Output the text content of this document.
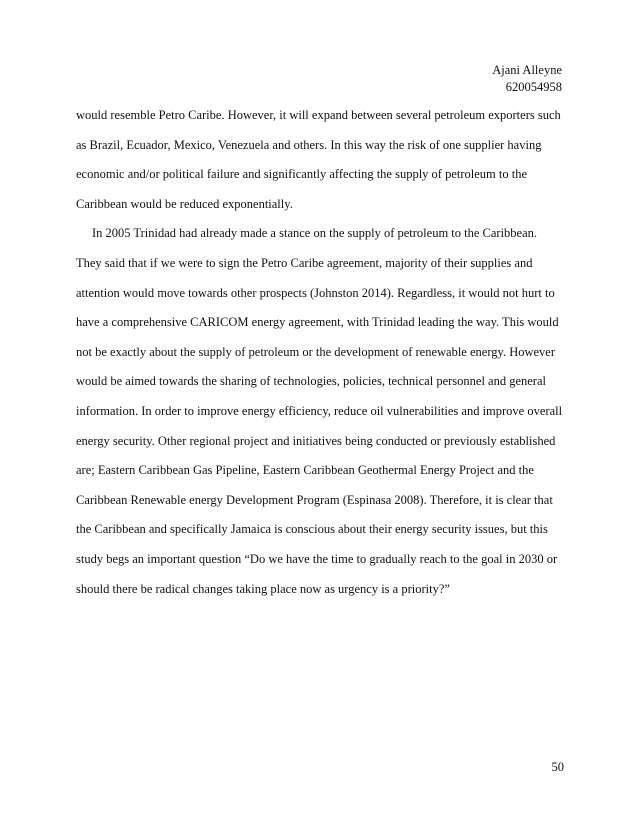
Ajani Alleyne
620054958
would resemble Petro Caribe. However, it will expand between several petroleum exporters such
as Brazil, Ecuador, Mexico, Venezuela and others. In this way the risk of one supplier having
economic and/or political failure and significantly affecting the supply of petroleum to the
Caribbean would be reduced exponentially.
In 2005 Trinidad had already made a stance on the supply of petroleum to the Caribbean.
They said that if we were to sign the Petro Caribe agreement, majority of their supplies and
attention would move towards other prospects (Johnston 2014). Regardless, it would not hurt to
have a comprehensive CARICOM energy agreement, with Trinidad leading the way. This would
not be exactly about the supply of petroleum or the development of renewable energy. However
would be aimed towards the sharing of technologies, policies, technical personnel and general
information. In order to improve energy efficiency, reduce oil vulnerabilities and improve overall
energy security. Other regional project and initiatives being conducted or previously established
are; Eastern Caribbean Gas Pipeline, Eastern Caribbean Geothermal Energy Project and the
Caribbean Renewable energy Development Program (Espinasa 2008). Therefore, it is clear that
the Caribbean and specifically Jamaica is conscious about their energy security issues, but this
study begs an important question “Do we have the time to gradually reach to the goal in 2030 or
should there be radical changes taking place now as urgency is a priority?”
50
